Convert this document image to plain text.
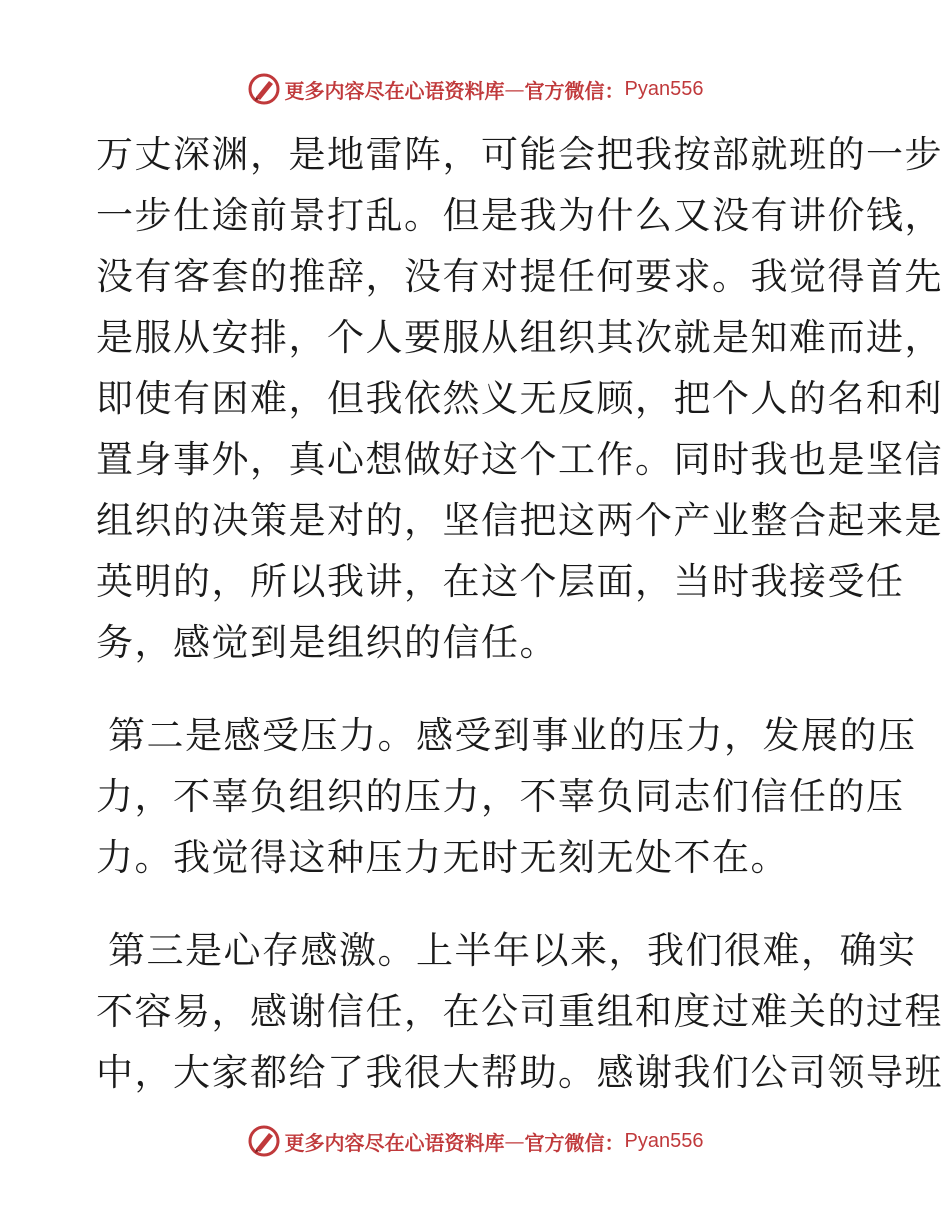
更多内容尽在心语资料库 — 官方微信： Pyan556
万丈深渊，是地雷阵，可能会把我按部就班的一步
一步仕途前景打乱。但是我为什么又没有讲价钱，
没有客套的推辞，没有对提任何要求。我觉得首先
是服从安排，个人要服从组织其次就是知难而进，
即使有困难，但我依然义无反顾，把个人的名和利
置身事外，真心想做好这个工作。同时我也是坚信
组织的决策是对的，坚信把这两个产业整合起来是
英明的，所以我讲，在这个层面，当时我接受任
务，感觉到是组织的信任。
第二是感受压力。感受到事业的压力，发展的压
力，不辜负组织的压力，不辜负同志们信任的压
力。我觉得这种压力无时无刻无处不在。
第三是心存感激。上半年以来，我们很难，确实
不容易，感谢信任，在公司重组和度过难关的过程
中，大家都给了我很大帮助。感谢我们公司领导班
更多内容尽在心语资料库 — 官方微信： Pyan556
